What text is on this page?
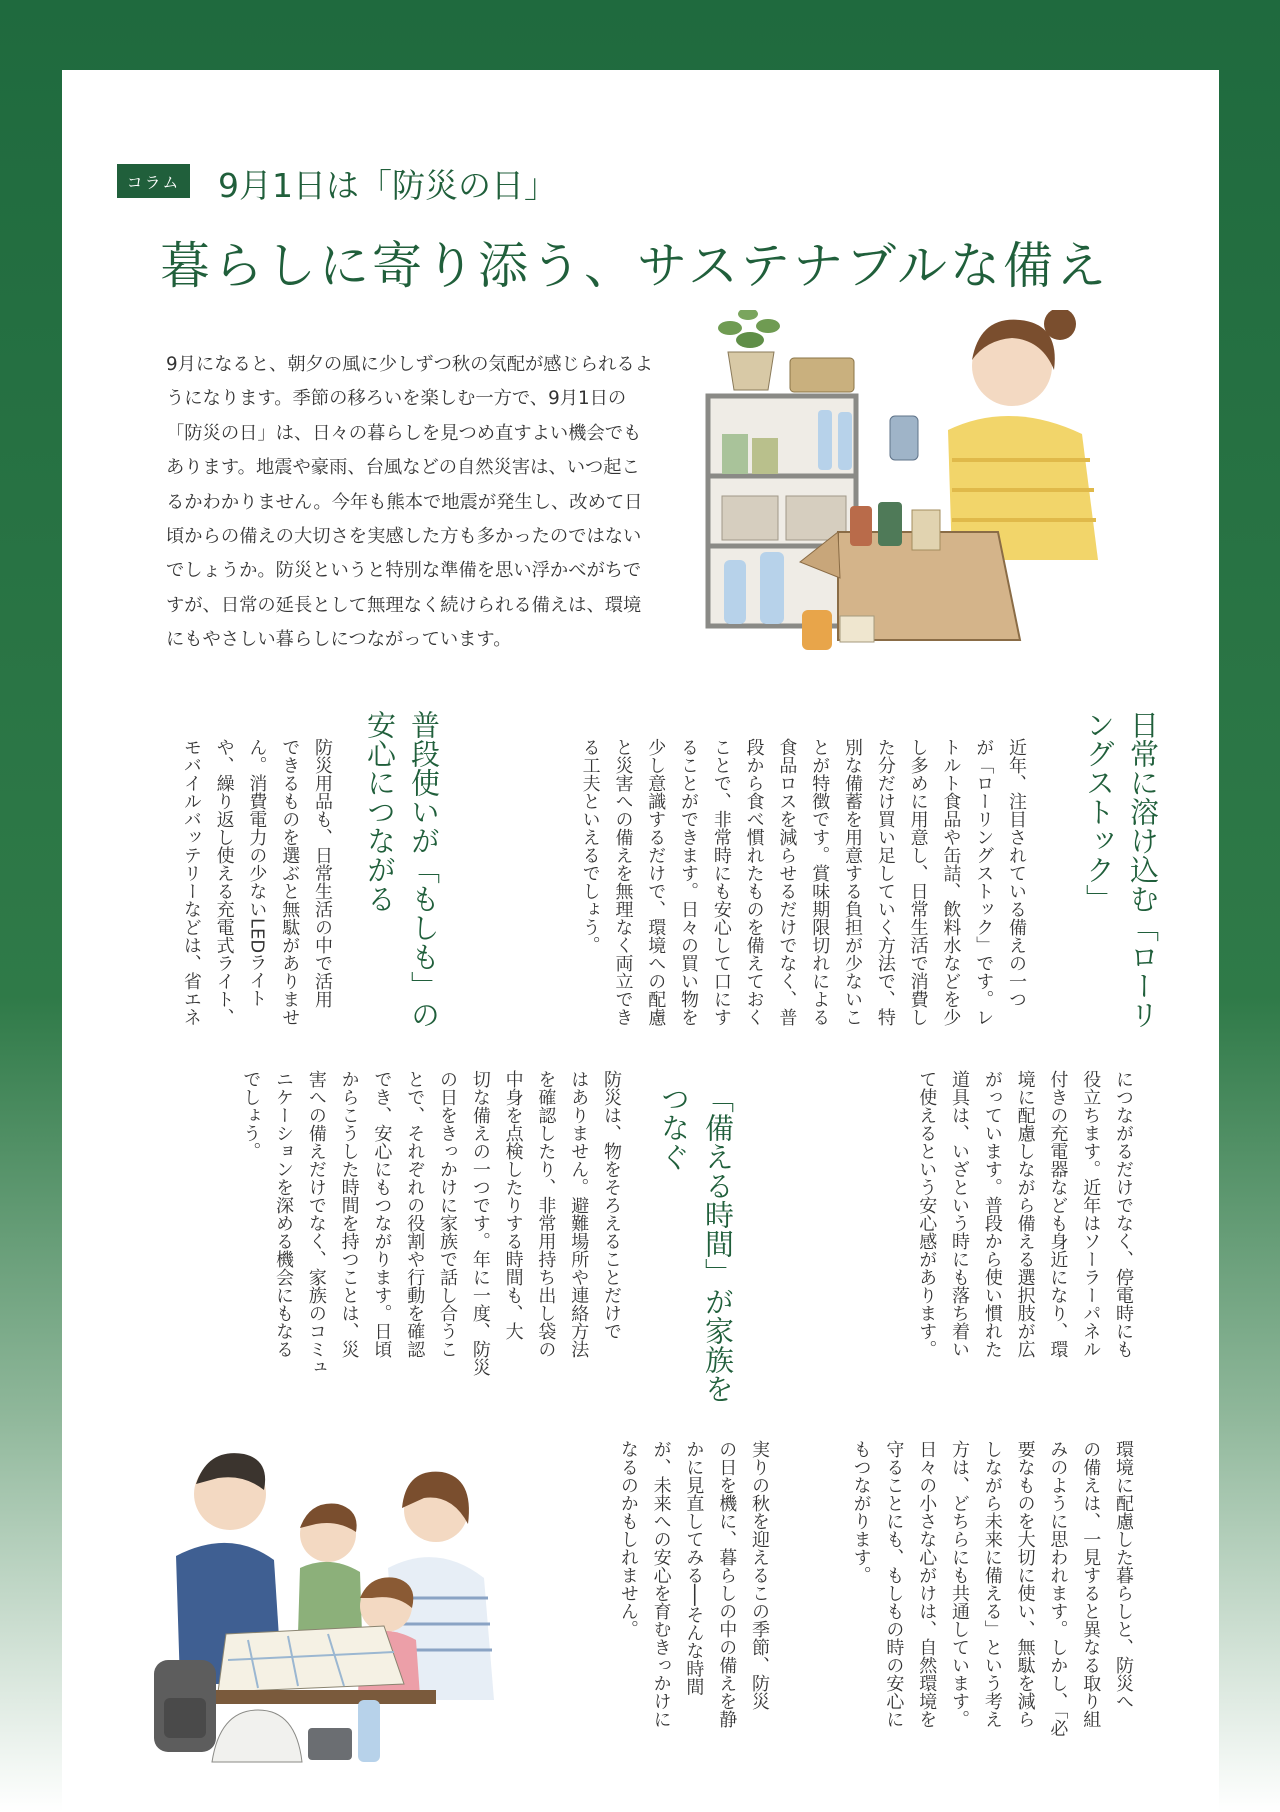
コラム 9月1日は「防災の日」
暮らしに寄り添う、サステナブルな備え
9月になると、朝夕の風に少しずつ秋の気配が感じられるようになります。季節の移ろいを楽しむ一方で、9月1日の「防災の日」は、日々の暮らしを見つめ直すよい機会でもあります。地震や豪雨、台風などの自然災害は、いつ起こるかわかりません。今年も熊本で地震が発生し、改めて日頃からの備えの大切さを実感した方も多かったのではないでしょうか。防災というと特別な準備を思い浮かべがちですが、日常の延長として無理なく続けられる備えは、環境にもやさしい暮らしにつながっています。
日常に溶け込む「ローリ
ングストック」
近年、注目されている備えの一つ
が「ローリングストック」です。レ
トルト食品や缶詰、飲料水などを少
し多めに用意し、日常生活で消費し
た分だけ買い足していく方法で、特
別な備蓄を用意する負担が少ないこ
とが特徴です。賞味期限切れによる
食品ロスを減らせるだけでなく、普
段から食べ慣れたものを備えておく
ことで、非常時にも安心して口にす
ることができます。日々の買い物を
少し意識するだけで、環境への配慮
と災害への備えを無理なく両立でき
る工夫といえるでしょう。
普段使いが「もしも」の
安心につながる
防災用品も、日常生活の中で活用
できるものを選ぶと無駄がありませ
ん。消費電力の少ないLEDライト
や、繰り返し使える充電式ライト、
モバイルバッテリーなどは、省エネ
につながるだけでなく、停電時にも
役立ちます。近年はソーラーパネル
付きの充電器なども身近になり、環
境に配慮しながら備える選択肢が広
がっています。普段から使い慣れた
道具は、いざという時にも落ち着い
て使えるという安心感があります。
「備える時間」が家族を
つなぐ
防災は、物をそろえることだけで
はありません。避難場所や連絡方法
を確認したり、非常用持ち出し袋の
中身を点検したりする時間も、大
切な備えの一つです。年に一度、防災
の日をきっかけに家族で話し合うこ
とで、それぞれの役割や行動を確認
でき、安心にもつながります。日頃
からこうした時間を持つことは、災
害への備えだけでなく、家族のコミュ
ニケーションを深める機会にもなる
でしょう。
環境に配慮した暮らしと、防災へ
の備えは、一見すると異なる取り組
みのように思われます。しかし、「必
要なものを大切に使い、無駄を減ら
しながら未来に備える」という考え
方は、どちらにも共通しています。
日々の小さな心がけは、自然環境を
守ることにも、もしもの時の安心に
もつながります。
実りの秋を迎えるこの季節、防災
の日を機に、暮らしの中の備えを静
かに見直してみる──そんな時間
が、未来への安心を育むきっかけに
なるのかもしれません。
